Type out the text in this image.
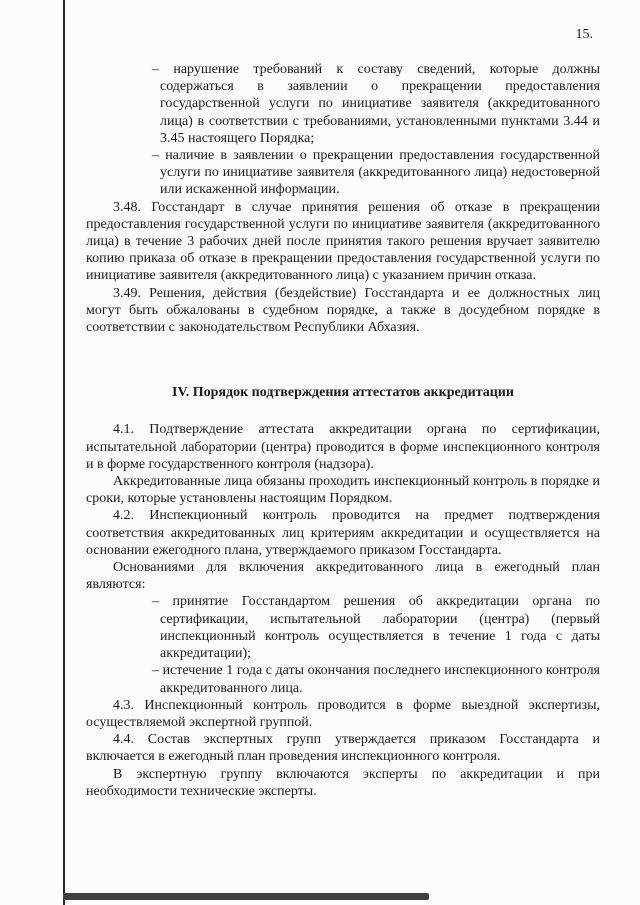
15.

– нарушение требований к составу сведений, которые должны содержаться в заявлении о прекращении предоставления государственной услуги по инициативе заявителя (аккредитованного лица) в соответствии с требованиями, установленными пунктами 3.44 и 3.45 настоящего Порядка;

– наличие в заявлении о прекращении предоставления государственной услуги по инициативе заявителя (аккредитованного лица) недостоверной или искаженной информации.

3.48. Госстандарт в случае принятия решения об отказе в прекращении предоставления государственной услуги по инициативе заявителя (аккредитованного лица) в течение 3 рабочих дней после принятия такого решения вручает заявителю копию приказа об отказе в прекращении предоставления государственной услуги по инициативе заявителя (аккредитованного лица) с указанием причин отказа.

3.49. Решения, действия (бездействие) Госстандарта и ее должностных лиц могут быть обжалованы в судебном порядке, а также в досудебном порядке в соответствии с законодательством Республики Абхазия.

IV. Порядок подтверждения аттестатов аккредитации

4.1. Подтверждение аттестата аккредитации органа по сертификации, испытательной лаборатории (центра) проводится в форме инспекционного контроля и в форме государственного контроля (надзора).

Аккредитованные лица обязаны проходить инспекционный контроль в порядке и сроки, которые установлены настоящим Порядком.

4.2. Инспекционный контроль проводится на предмет подтверждения соответствия аккредитованных лиц критериям аккредитации и осуществляется на основании ежегодного плана, утверждаемого приказом Госстандарта.

Основаниями для включения аккредитованного лица в ежегодный план являются:

– принятие Госстандартом решения об аккредитации органа по сертификации, испытательной лаборатории (центра) (первый инспекционный контроль осуществляется в течение 1 года с даты аккредитации);

– истечение 1 года с даты окончания последнего инспекционного контроля аккредитованного лица.

4.3. Инспекционный контроль проводится в форме выездной экспертизы, осуществляемой экспертной группой.

4.4. Состав экспертных групп утверждается приказом Госстандарта и включается в ежегодный план проведения инспекционного контроля.

В экспертную группу включаются эксперты по аккредитации и при необходимости технические эксперты.
